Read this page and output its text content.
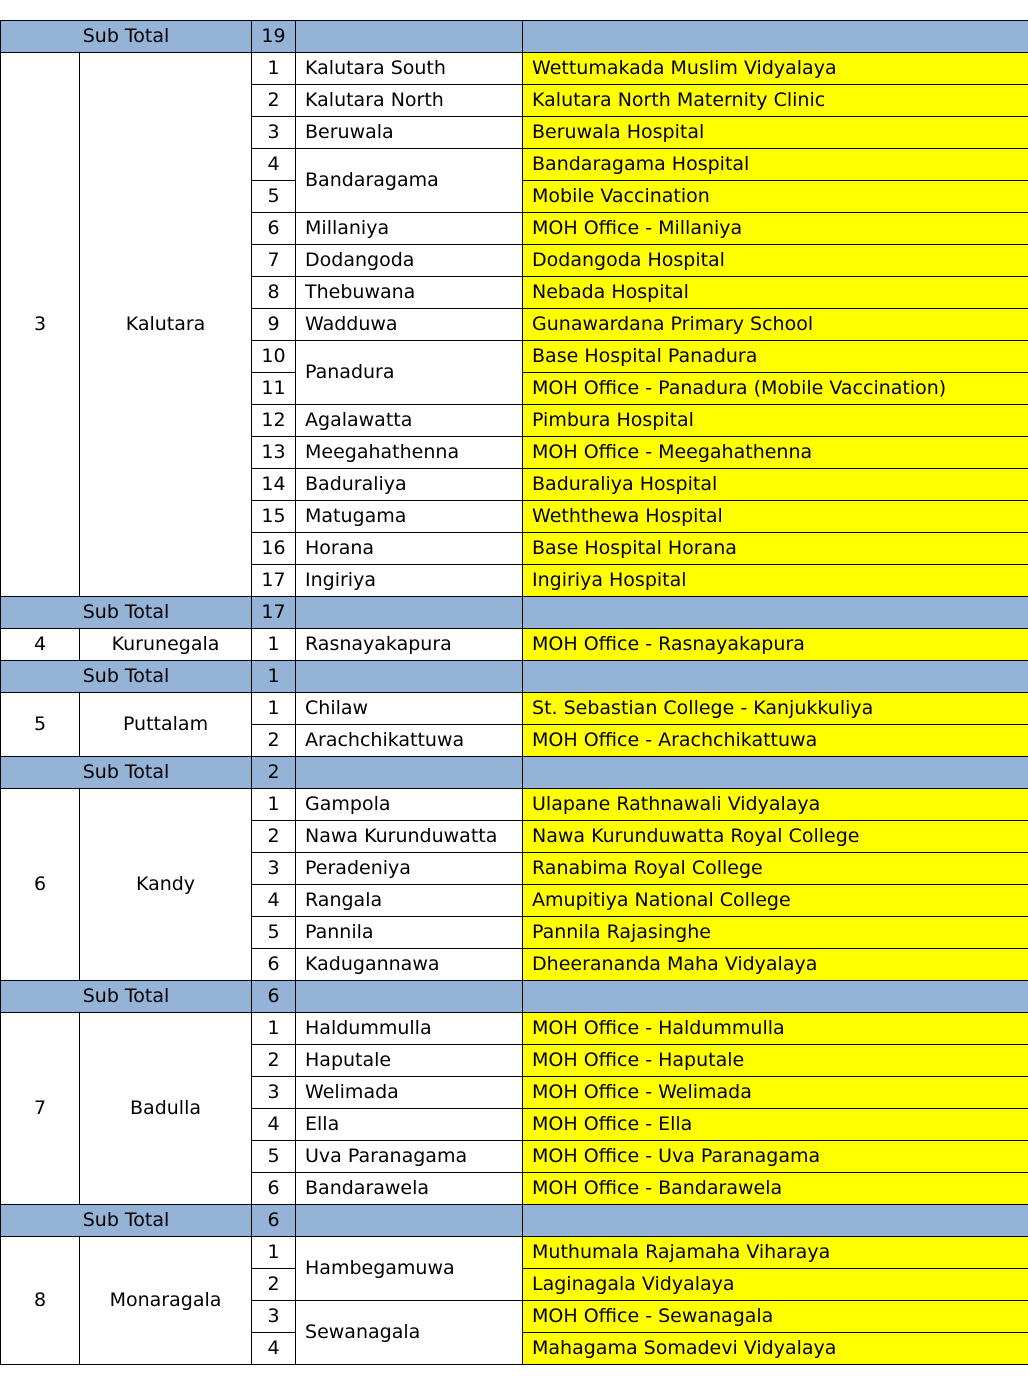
Sub Total		19		
3	Kalutara	1	Kalutara South	Wettumakada Muslim Vidyalaya
		2	Kalutara North	Kalutara North Maternity Clinic
		3	Beruwala	Beruwala Hospital
		4	Bandaragama	Bandaragama Hospital
		5		Mobile Vaccination
		6	Millaniya	MOH Office - Millaniya
		7	Dodangoda	Dodangoda Hospital
		8	Thebuwana	Nebada Hospital
		9	Wadduwa	Gunawardana Primary School
		10	Panadura	Base Hospital Panadura
		11		MOH Office - Panadura (Mobile Vaccination)
		12	Agalawatta	Pimbura Hospital
		13	Meegahathenna	MOH Office - Meegahathenna
		14	Baduraliya	Baduraliya Hospital
		15	Matugama	Weththewa Hospital
		16	Horana	Base Hospital Horana
		17	Ingiriya	Ingiriya Hospital
Sub Total		17		
4	Kurunegala	1	Rasnayakapura	MOH Office - Rasnayakapura
Sub Total		1		
5	Puttalam	1	Chilaw	St. Sebastian College - Kanjukkuliya
		2	Arachchikattuwa	MOH Office - Arachchikattuwa
Sub Total		2		
6	Kandy	1	Gampola	Ulapane Rathnawali Vidyalaya
		2	Nawa Kurunduwatta	Nawa Kurunduwatta Royal College
		3	Peradeniya	Ranabima Royal College
		4	Rangala	Amupitiya National College
		5	Pannila	Pannila Rajasinghe
		6	Kadugannawa	Dheerananda Maha Vidyalaya
Sub Total		6		
7	Badulla	1	Haldummulla	MOH Office - Haldummulla
		2	Haputale	MOH Office - Haputale
		3	Welimada	MOH Office - Welimada
		4	Ella	MOH Office - Ella
		5	Uva Paranagama	MOH Office - Uva Paranagama
		6	Bandarawela	MOH Office - Bandarawela
Sub Total		6		
8	Monaragala	1	Hambegamuwa	Muthumala Rajamaha Viharaya
		2		Laginagala Vidyalaya
		3	Sewanagala	MOH Office - Sewanagala
		4		Mahagama Somadevi Vidyalaya
